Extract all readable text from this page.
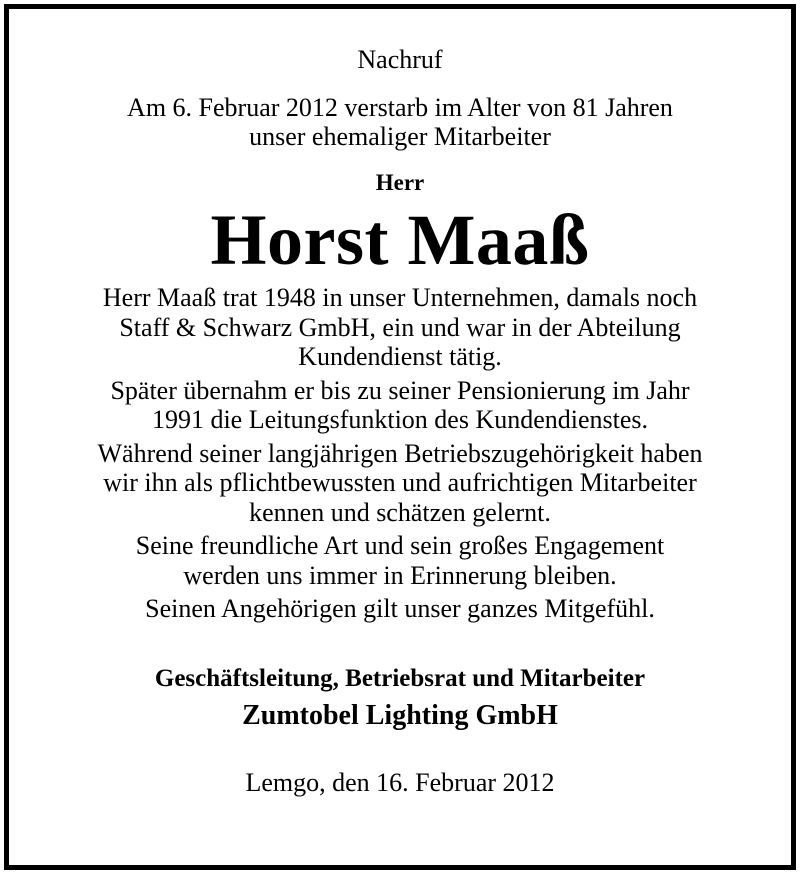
Nachruf
Am 6. Februar 2012 verstarb im Alter von 81 Jahren
unser ehemaliger Mitarbeiter
Herr
Horst Maaß
Herr Maaß trat 1948 in unser Unternehmen, damals noch
Staff & Schwarz GmbH, ein und war in der Abteilung
Kundendienst tätig.
Später übernahm er bis zu seiner Pensionierung im Jahr
1991 die Leitungsfunktion des Kundendienstes.
Während seiner langjährigen Betriebszugehörigkeit haben
wir ihn als pflichtbewussten und aufrichtigen Mitarbeiter
kennen und schätzen gelernt.
Seine freundliche Art und sein großes Engagement
werden uns immer in Erinnerung bleiben.
Seinen Angehörigen gilt unser ganzes Mitgefühl.
Geschäftsleitung, Betriebsrat und Mitarbeiter
Zumtobel Lighting GmbH
Lemgo, den 16. Februar 2012
